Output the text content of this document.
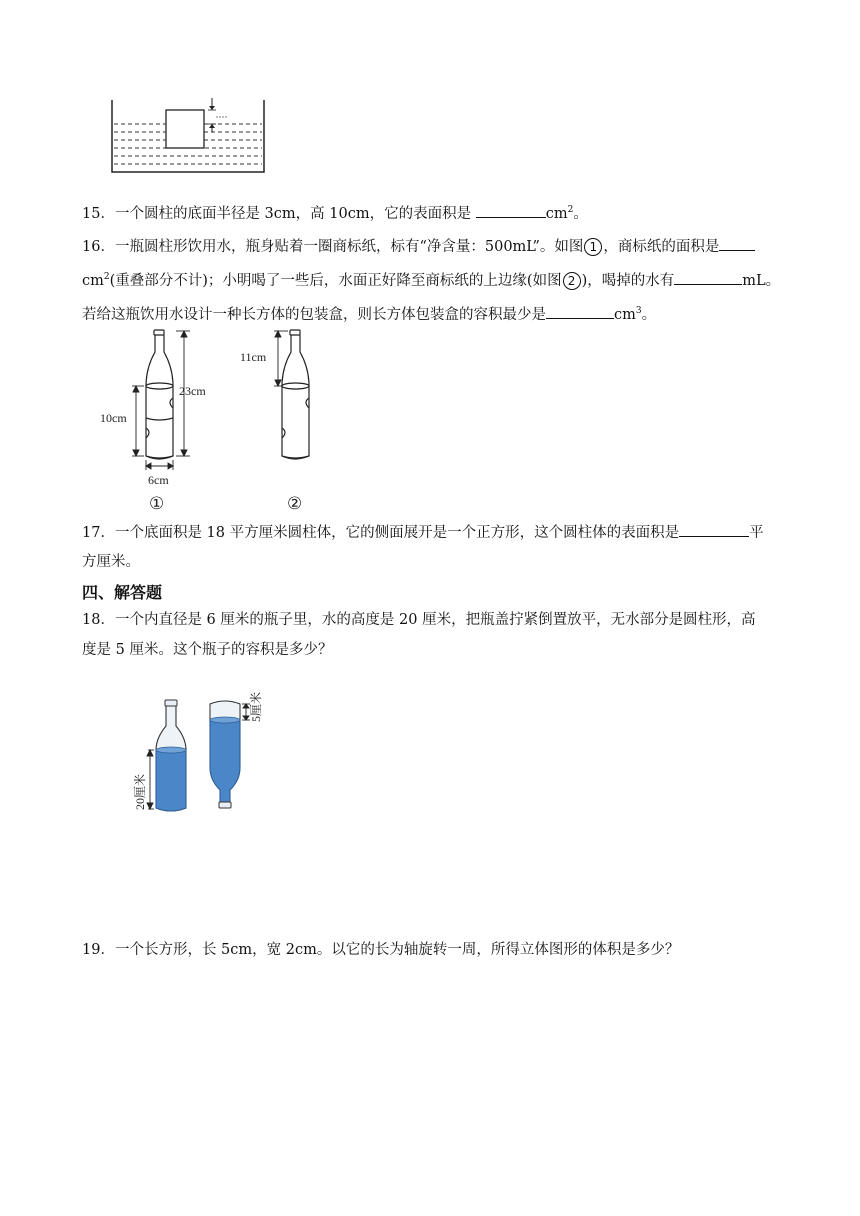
15．一个圆柱的底面半径是 3cm，高 10cm，它的表面积是	$cm^2$。
16．一瓶圆柱形饮用水，瓶身贴着一圈商标纸，标有“净含量：500mL”。如图 1 ，商标纸的面积是
$cm^2$(重叠部分不计)；小明喝了一些后，水面正好降至商标纸的上边缘(如图 2 )，喝掉的水有	mL。
若给这瓶饮用水设计一种长方体的包装盒，则长方体包装盒的容积最少是	$cm^3$。
23cm
10cm
6cm
①
11cm
②
17．一个底面积是 18 平方厘米圆柱体，它的侧面展开是一个正方形，这个圆柱体的表面积是	平
方厘米。
四、解答题
18．一个内直径是 6 厘米的瓶子里，水的高度是 20 厘米，把瓶盖拧紧倒置放平，无水部分是圆柱形，高
度是 5 厘米。这个瓶子的容积是多少？
20厘米
5厘米
19．一个长方形，长 5cm，宽 2cm。以它的长为轴旋转一周，所得立体图形的体积是多少？
